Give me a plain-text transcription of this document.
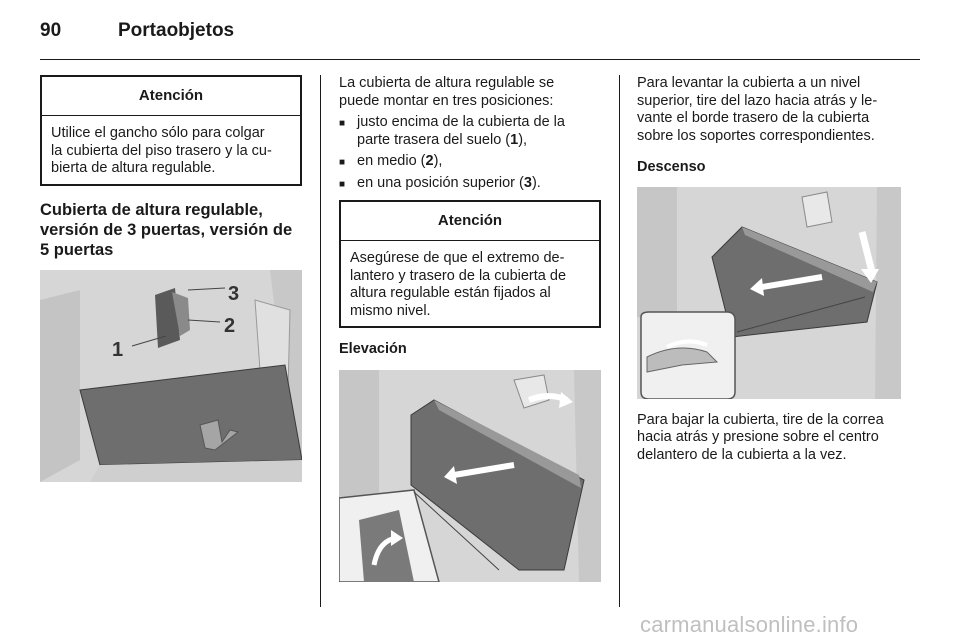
90	Portaobjetos
Atención
Utilice el gancho sólo para colgar
la cubierta del piso trasero y la cu-
bierta de altura regulable.
Cubierta de altura regulable,
versión de 3 puertas, versión de
5 puertas
3
2
1

La cubierta de altura regulable se
puede montar en tres posiciones:

■ justo encima de la cubierta de la
parte trasera del suelo (1),
■ en medio (2),
■ en una posición superior (3).
Atención
Asegúrese de que el extremo de-
lantero y trasero de la cubierta de
altura regulable están fijados al
mismo nivel.

Elevación

Para levantar la cubierta a un nivel
superior, tire del lazo hacia atrás y le-
vante el borde trasero de la cubierta
sobre los soportes correspondientes.

Descenso

Para bajar la cubierta, tire de la correa
hacia atrás y presione sobre el centro
delantero de la cubierta a la vez.

carmanualsonline.info
